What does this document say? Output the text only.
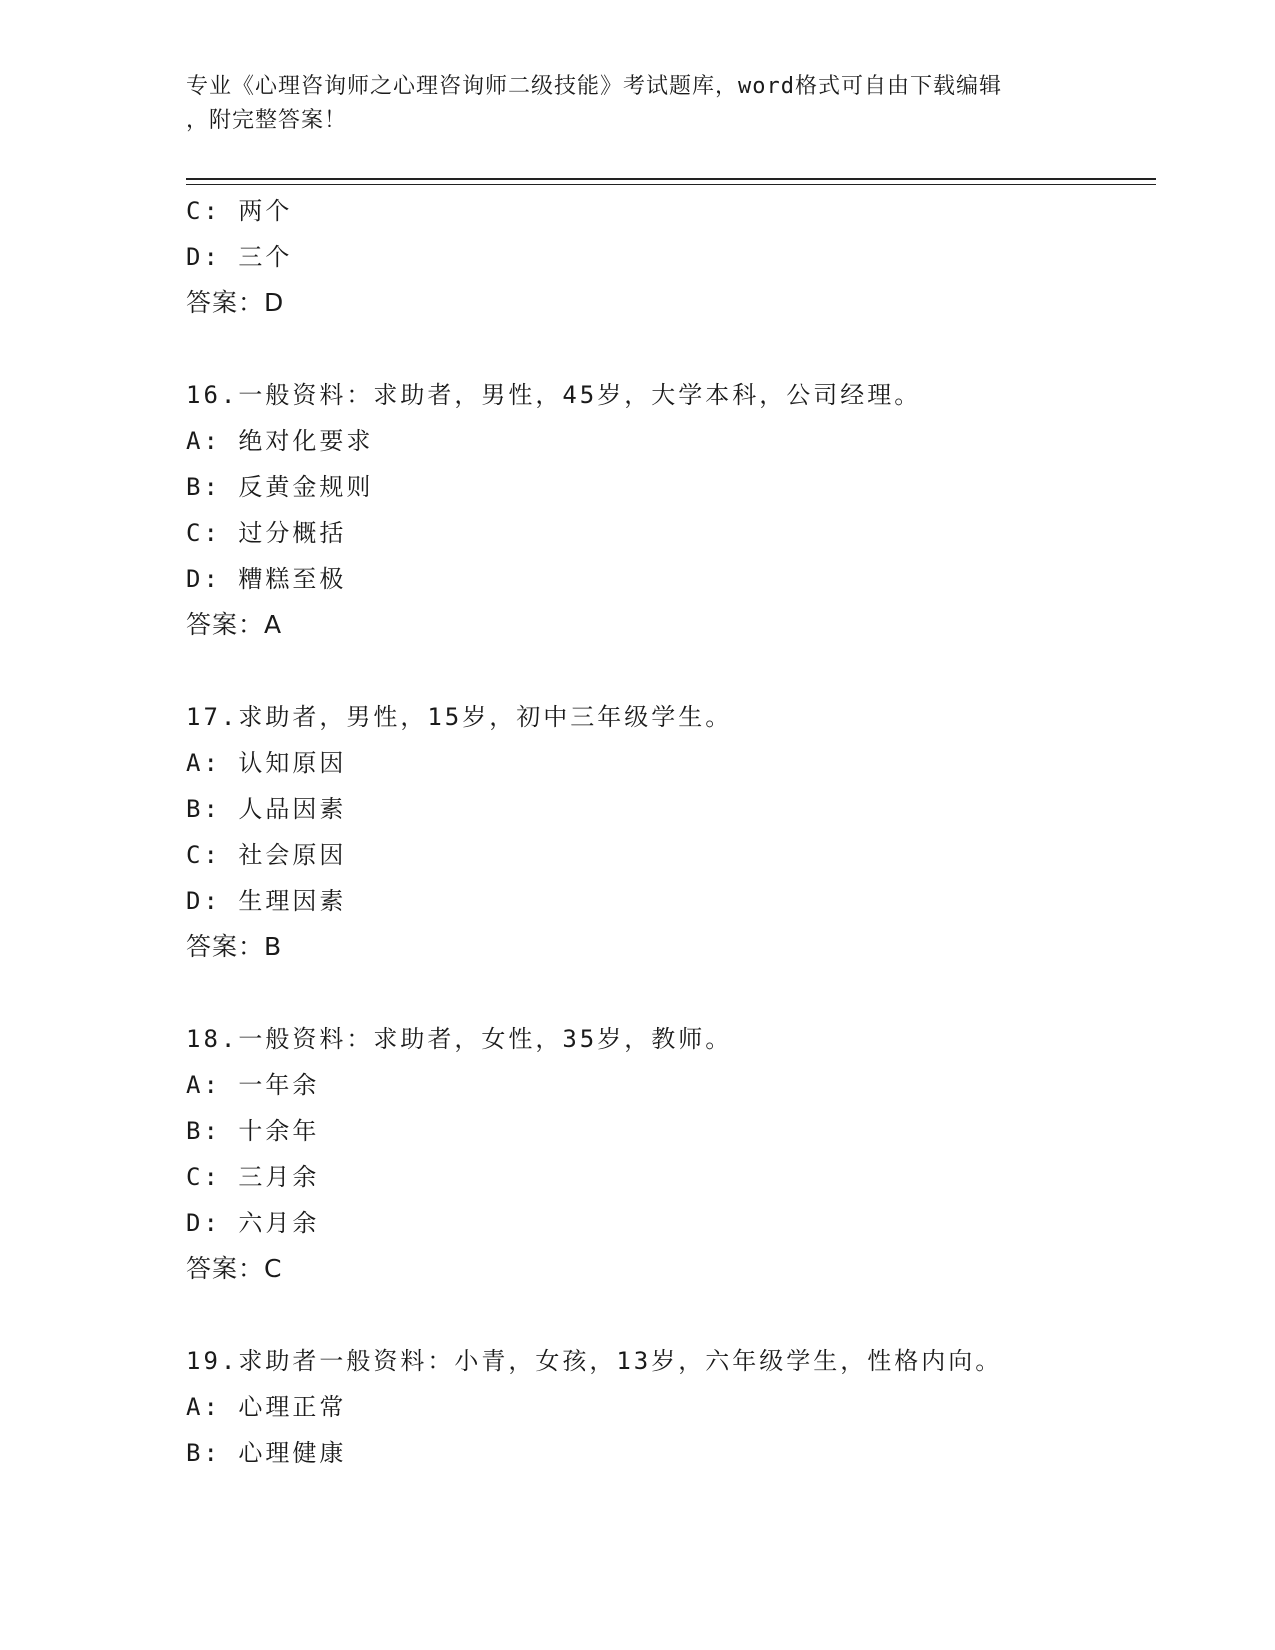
专业《心理咨询师之心理咨询师二级技能》考试题库，word格式可自由下载编辑
，附完整答案！
C: 两个
D: 三个
答案：D
16.一般资料：求助者，男性，45岁，大学本科，公司经理。
A: 绝对化要求
B: 反黄金规则
C: 过分概括
D: 糟糕至极
答案：A
17.求助者，男性，15岁，初中三年级学生。
A: 认知原因
B: 人品因素
C: 社会原因
D: 生理因素
答案：B
18.一般资料：求助者，女性，35岁，教师。
A: 一年余
B: 十余年
C: 三月余
D: 六月余
答案：C
19.求助者一般资料：小青，女孩，13岁，六年级学生，性格内向。
A: 心理正常
B: 心理健康
